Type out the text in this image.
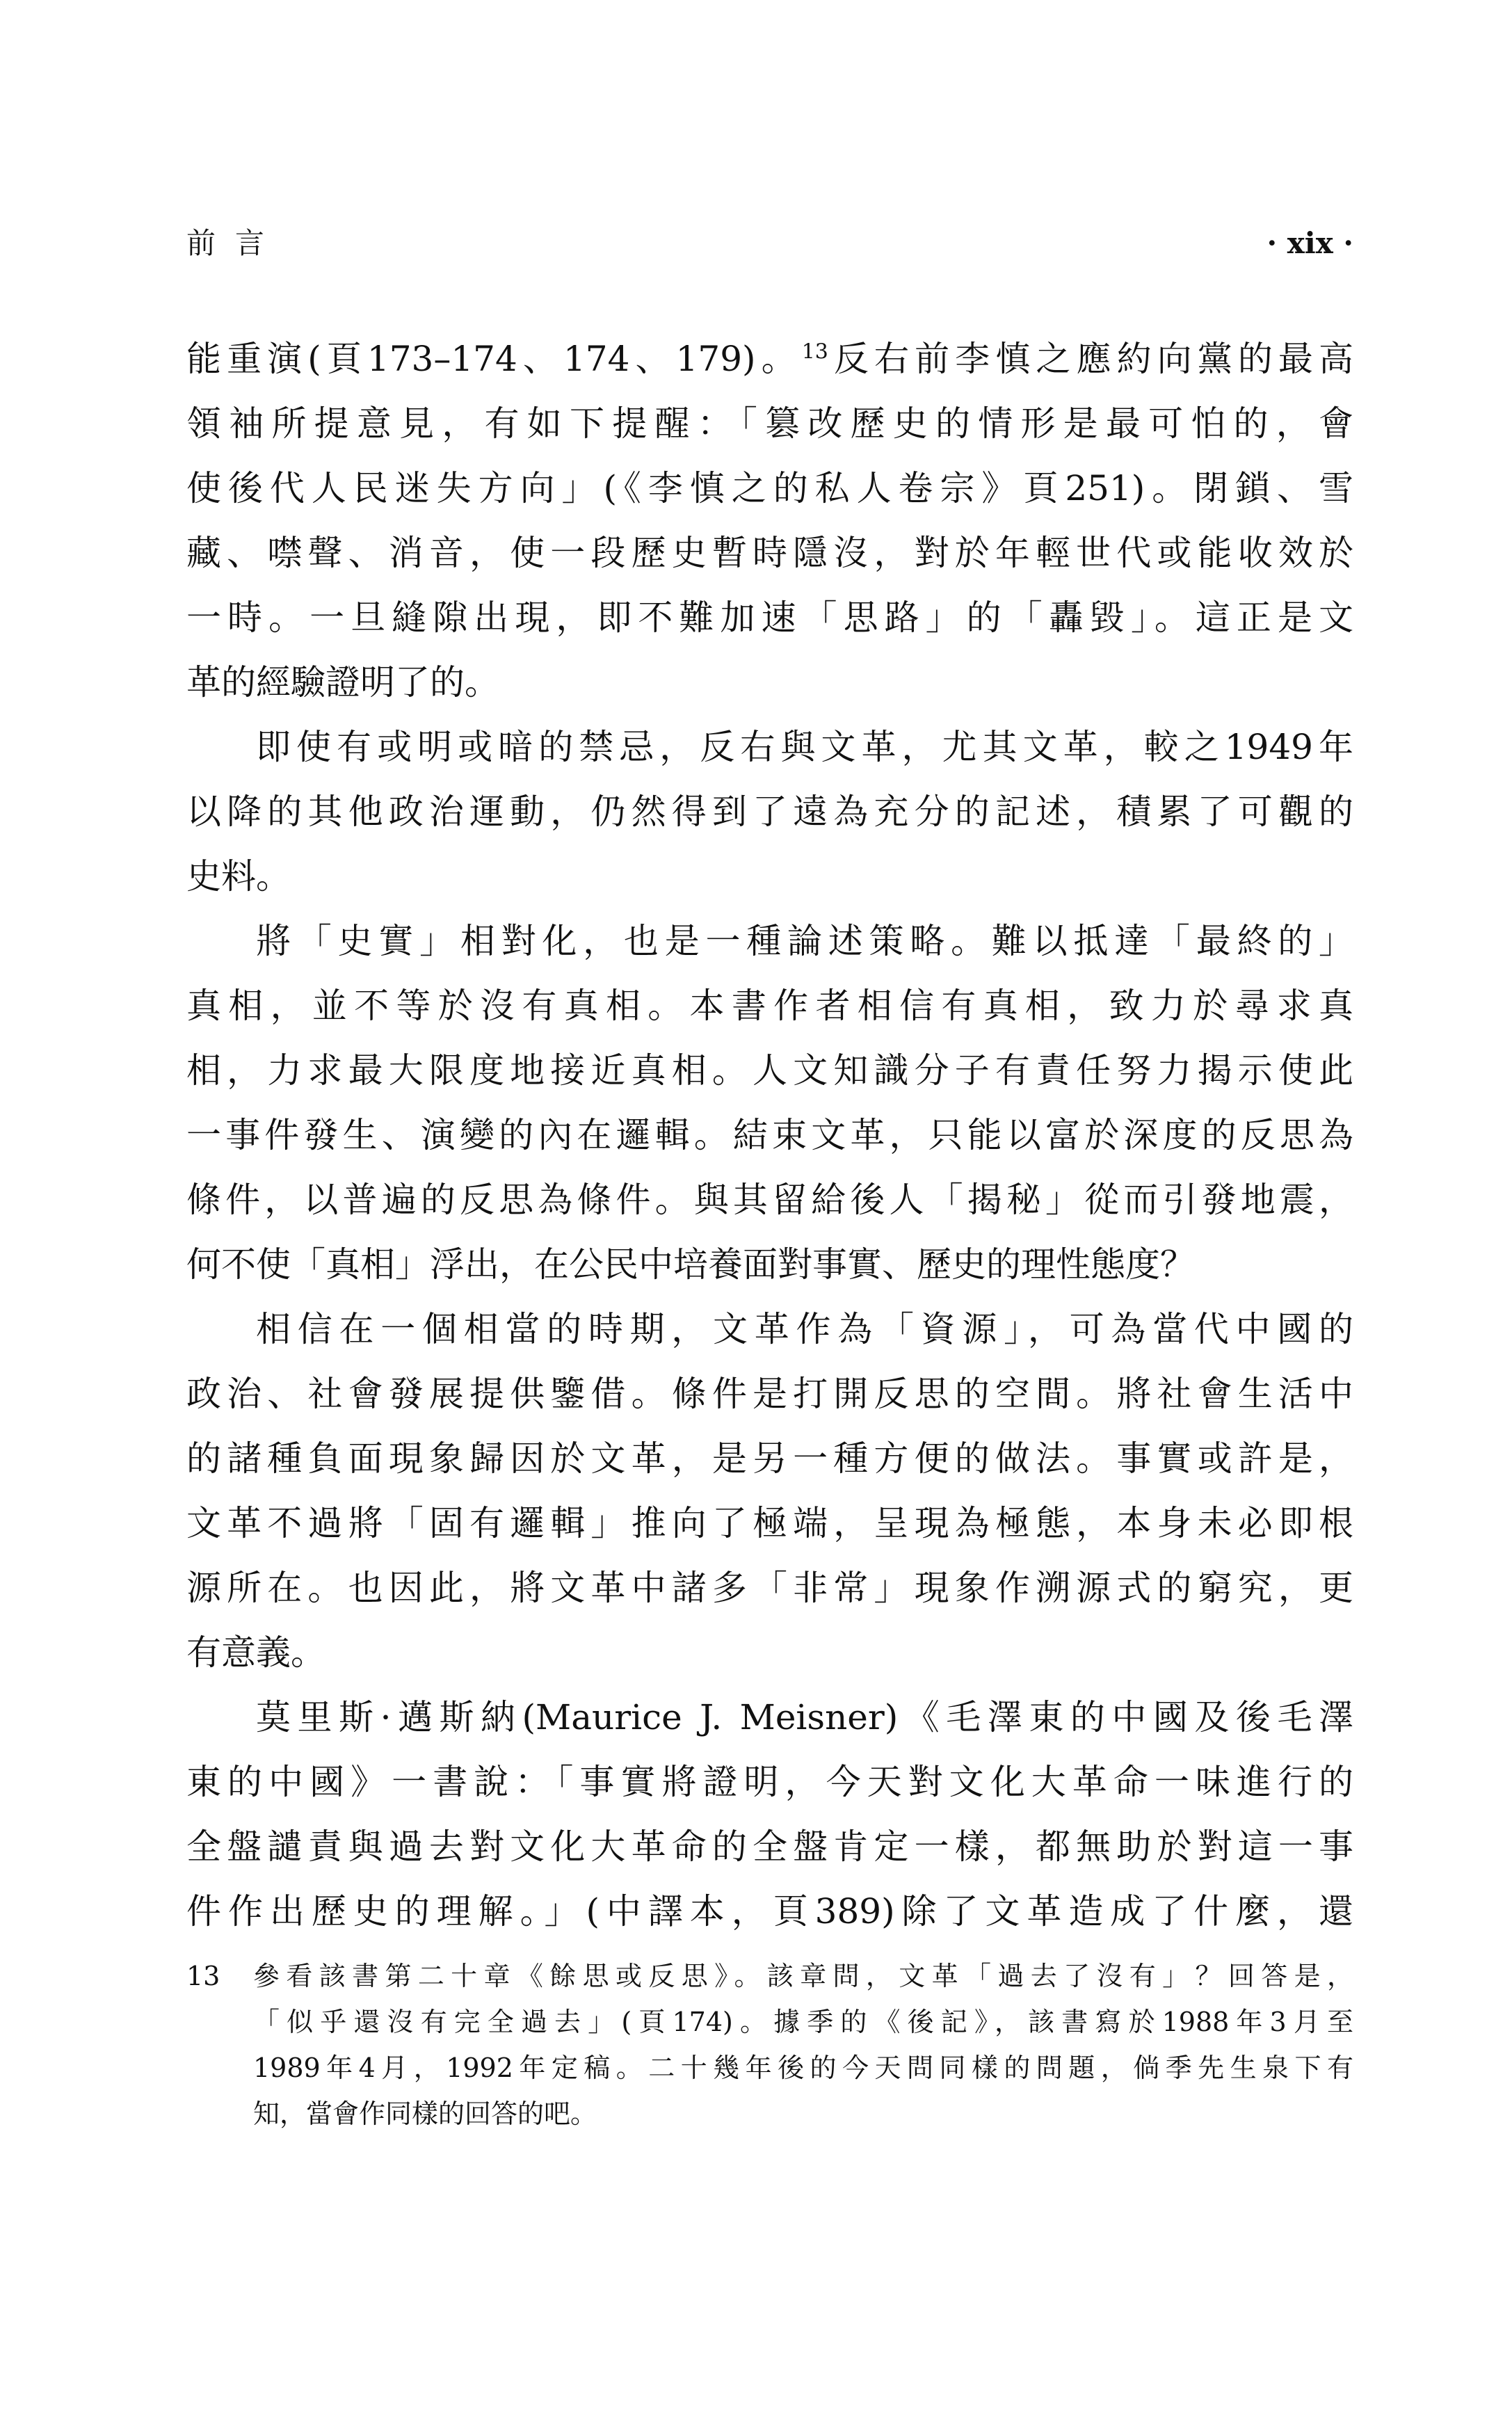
前言	· xix ·
能重演(頁173–174、174、179)。$^{13}$反右前李慎之應約向黨的最高
領袖所提意見，有如下提醒：「篡改歷史的情形是最可怕的，會
使後代人民迷失方向」(《李慎之的私人卷宗》頁251)。閉鎖、雪
藏、噤聲、消音，使一段歷史暫時隱沒，對於年輕世代或能收效於
一時。一旦縫隙出現，即不難加速「思路」的「轟毀」。這正是文
革的經驗證明了的。
即使有或明或暗的禁忌，反右與文革，尤其文革，較之1949年
以降的其他政治運動，仍然得到了遠為充分的記述，積累了可觀的
史料。
將「史實」相對化，也是一種論述策略。難以抵達「最終的」
真相，並不等於沒有真相。本書作者相信有真相，致力於尋求真
相，力求最大限度地接近真相。人文知識分子有責任努力揭示使此
一事件發生、演變的內在邏輯。結束文革，只能以富於深度的反思為
條件，以普遍的反思為條件。與其留給後人「揭秘」從而引發地震，
何不使「真相」浮出，在公民中培養面對事實、歷史的理性態度？
相信在一個相當的時期，文革作為「資源」，可為當代中國的
政治、社會發展提供鑒借。條件是打開反思的空間。將社會生活中
的諸種負面現象歸因於文革，是另一種方便的做法。事實或許是，
文革不過將「固有邏輯」推向了極端，呈現為極態，本身未必即根
源所在。也因此，將文革中諸多「非常」現象作溯源式的窮究，更
有意義。
莫里斯·邁斯納(Maurice J. Meisner)《毛澤東的中國及後毛澤
東的中國》一書說：「事實將證明，今天對文化大革命一味進行的
全盤譴責與過去對文化大革命的全盤肯定一樣，都無助於對這一事
件作出歷史的理解。」(中譯本，頁389)除了文革造成了什麼，還
13 參看該書第二十章《餘思或反思》。該章問，文革「過去了沒有」？回答是，
「似乎還沒有完全過去」(頁174)。據季的《後記》，該書寫於1988年3月至
1989年4月，1992年定稿。二十幾年後的今天問同樣的問題，倘季先生泉下有
知，當會作同樣的回答的吧。
